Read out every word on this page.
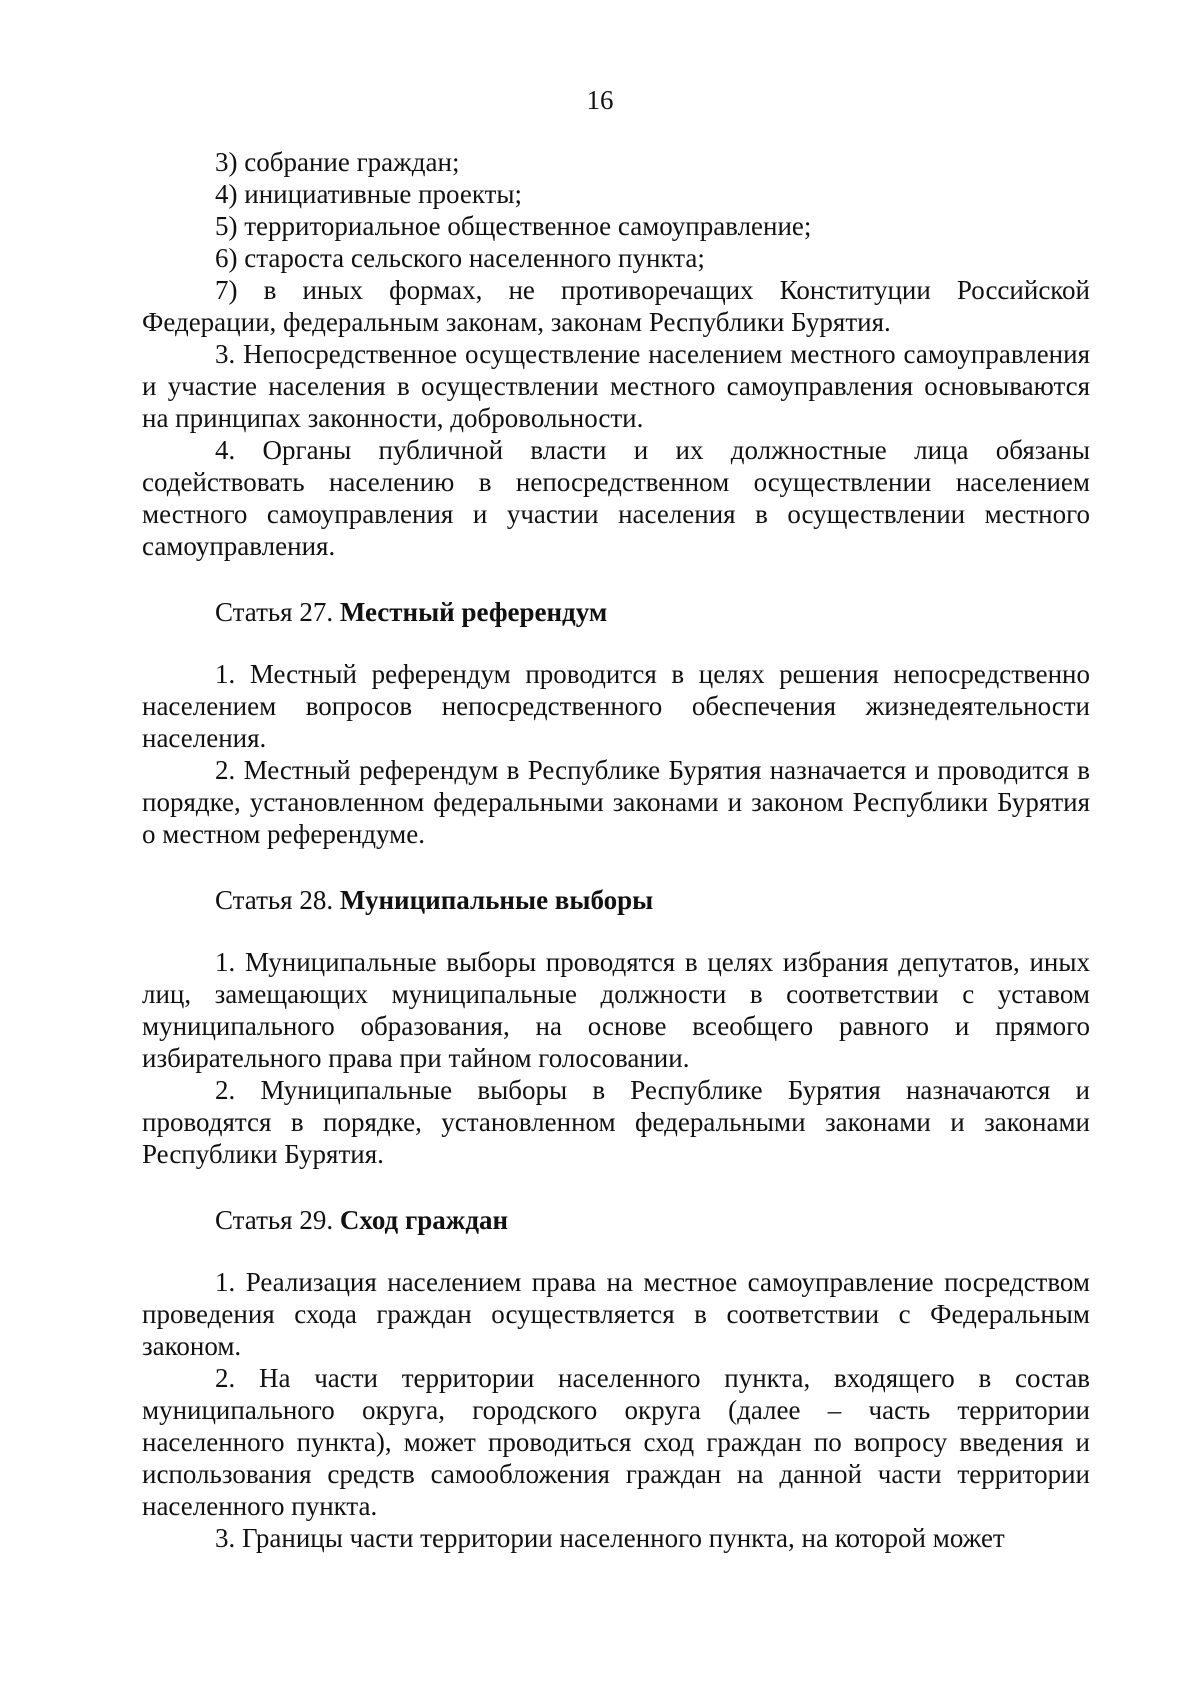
16

3) собрание граждан;

4) инициативные проекты;

5) территориальное общественное самоуправление;

6) староста сельского населенного пункта;

7) в иных формах, не противоречащих Конституции Российской Федерации, федеральным законам, законам Республики Бурятия.

3. Непосредственное осуществление населением местного самоуправления и участие населения в осуществлении местного самоуправления основываются на принципах законности, добровольности.

4. Органы публичной власти и их должностные лица обязаны содействовать населению в непосредственном осуществлении населением местного самоуправления и участии населения в осуществлении местного самоуправления.

Статья 27. Местный референдум

1. Местный референдум проводится в целях решения непосредственно населением вопросов непосредственного обеспечения жизнедеятельности населения.

2. Местный референдум в Республике Бурятия назначается и проводится в порядке, установленном федеральными законами и законом Республики Бурятия о местном референдуме.

Статья 28. Муниципальные выборы

1. Муниципальные выборы проводятся в целях избрания депутатов, иных лиц, замещающих муниципальные должности в соответствии с уставом муниципального образования, на основе всеобщего равного и прямого избирательного права при тайном голосовании.

2. Муниципальные выборы в Республике Бурятия назначаются и проводятся в порядке, установленном федеральными законами и законами Республики Бурятия.

Статья 29. Сход граждан

1. Реализация населением права на местное самоуправление посредством проведения схода граждан осуществляется в соответствии с Федеральным законом.

2. На части территории населенного пункта, входящего в состав муниципального округа, городского округа (далее – часть территории населенного пункта), может проводиться сход граждан по вопросу введения и использования средств самообложения граждан на данной части территории населенного пункта.

3. Границы части территории населенного пункта, на которой может
